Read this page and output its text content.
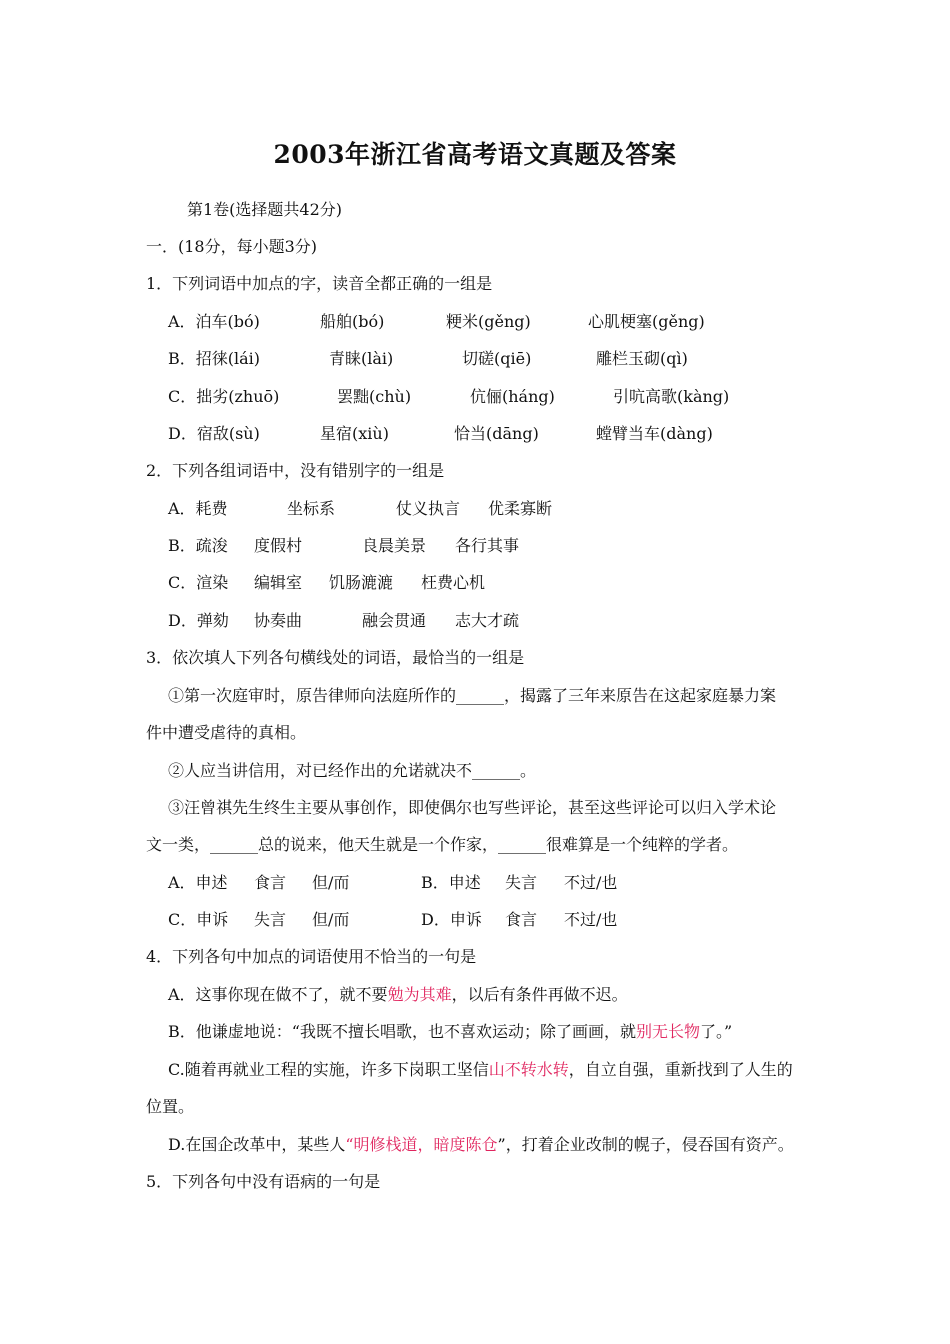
2003年浙江省高考语文真题及答案
第1卷(选择题共42分)
一．(18分，每小题3分)
1．下列词语中加点的字，读音全都正确的一组是
A．泊车(bó)	船舶(bó)	粳米(gěng)	心肌梗塞(gěng)
B．招徕(lái)	青睐(lài)	切磋(qiē)	雕栏玉砌(qì)
C．拙劣(zhuō)	罢黜(chù)	伉俪(háng)	引吭高歌(kàng)
D．宿敌(sù)	星宿(xiù)	恰当(dāng)	螳臂当车(dàng)
2．下列各组词语中，没有错别字的一组是
A．耗费	坐标系	仗义执言 优柔寡断
B．疏浚 度假村	良晨美景 各行其事
C．渲染 编辑室 饥肠漉漉 枉费心机
D．弹劾 协奏曲	融会贯通 志大才疏
3．依次填人下列各句横线处的词语，最恰当的一组是
①第一次庭审时，原告律师向法庭所作的______，揭露了三年来原告在这起家庭暴力案
件中遭受虐待的真相。
②人应当讲信用，对已经作出的允诺就决不______。
③汪曾祺先生终生主要从事创作，即使偶尔也写些评论，甚至这些评论可以归入学术论
文一类，______总的说来，他天生就是一个作家，______很难算是一个纯粹的学者。
A．申述 食言 但/而	B．申述 失言 不过/也
C．申诉 失言 但/而	D．申诉 食言 不过/也
4．下列各句中加点的词语使用不恰当的一句是
A．这事你现在做不了，就不要勉为其难，以后有条件再做不迟。
B．他谦虚地说：“我既不擅长唱歌，也不喜欢运动；除了画画，就别无长物了。”
C.随着再就业工程的实施，许多下岗职工坚信山不转水转，自立自强，重新找到了人生的
位置。
D.在国企改革中，某些人“明修栈道，暗度陈仓”，打着企业改制的幌子，侵吞国有资产。
5．下列各句中没有语病的一句是
